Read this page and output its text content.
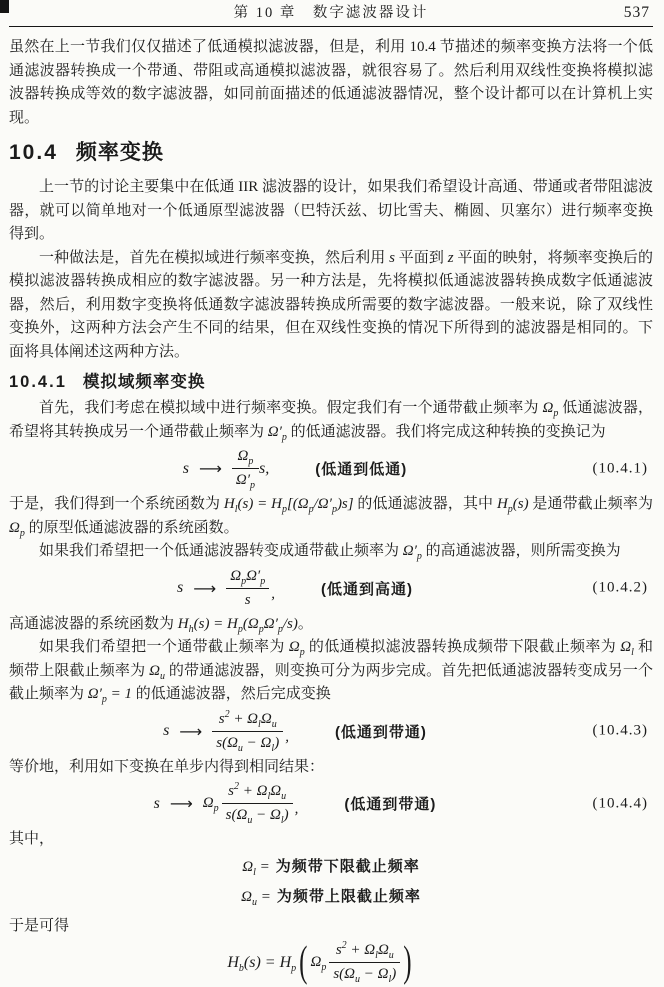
第 10 章　数字滤波器设计	537

虽然在上一节我们仅仅描述了低通模拟滤波器，但是，利用 10.4 节描述的频率变换方法将一个低通滤波器转换成一个带通、带阻或高通模拟滤波器，就很容易了。然后利用双线性变换将模拟滤波器转换成等效的数字滤波器，如同前面描述的低通滤波器情况，整个设计都可以在计算机上实现。

10.4 频率变换

上一节的讨论主要集中在低通 IIR 滤波器的设计，如果我们希望设计高通、带通或者带阻滤波器，就可以简单地对一个低通原型滤波器（巴特沃兹、切比雪夫、椭圆、贝塞尔）进行频率变换得到。

一种做法是，首先在模拟域进行频率变换，然后利用 s 平面到 z 平面的映射，将频率变换后的模拟滤波器转换成相应的数字滤波器。另一种方法是，先将模拟低通滤波器转换成数字低通滤波器，然后，利用数字变换将低通数字滤波器转换成所需要的数字滤波器。一般来说，除了双线性变换外，这两种方法会产生不同的结果，但在双线性变换的情况下所得到的滤波器是相同的。下面将具体阐述这两种方法。

10.4.1 模拟域频率变换

首先，我们考虑在模拟域中进行频率变换。假定我们有一个通带截止频率为 $\Omega_p$ 低通滤波器，希望将其转换成另一个通带截止频率为 $\Omega'_p$ 的低通滤波器。我们将完成这种转换的变换记为

s ⟶ $\frac{\Omega_p}{\Omega'_p} s$,	(低通到低通)	(10.4.1)

于是，我们得到一个系统函数为 $H_l(s) = H_p[(\Omega_p/\Omega'_p)s]$ 的低通滤波器，其中 $H_p(s)$ 是通带截止频率为 $\Omega_p$ 的原型低通滤波器的系统函数。

如果我们希望把一个低通滤波器转变成通带截止频率为 $\Omega'_p$ 的高通滤波器，则所需变换为

s ⟶ $\frac{\Omega_p\Omega'_p}{s}$ ,	(低通到高通)	(10.4.2)

高通滤波器的系统函数为 $H_h(s) = H_p(\Omega_p\Omega'_p/s)$。

如果我们希望把一个通带截止频率为 $\Omega_p$ 的低通模拟滤波器转换成频带下限截止频率为 $\Omega_l$ 和频带上限截止频率为 $\Omega_u$ 的带通滤波器，则变换可分为两步完成。首先把低通滤波器转变成另一个截止频率为 $\Omega'_p = 1$ 的低通滤波器，然后完成变换

s ⟶ $\frac{s^2 + \Omega_l\Omega_u}{s(\Omega_u - \Omega_l)}$ ,	(低通到带通)	(10.4.3)

等价地，利用如下变换在单步内得到相同结果：

s ⟶ $\Omega_p \frac{s^2 + \Omega_l\Omega_u}{s(\Omega_u - \Omega_l)}$ ,	(低通到带通)	(10.4.4)

其中，

$\Omega_l$ = 为频带下限截止频率
$\Omega_u$ = 为频带上限截止频率

于是可得

$H_b(s) = H_p$ ( $\Omega_p \frac{s^2 + \Omega_l\Omega_u}{s(\Omega_u - \Omega_l)}$ )
